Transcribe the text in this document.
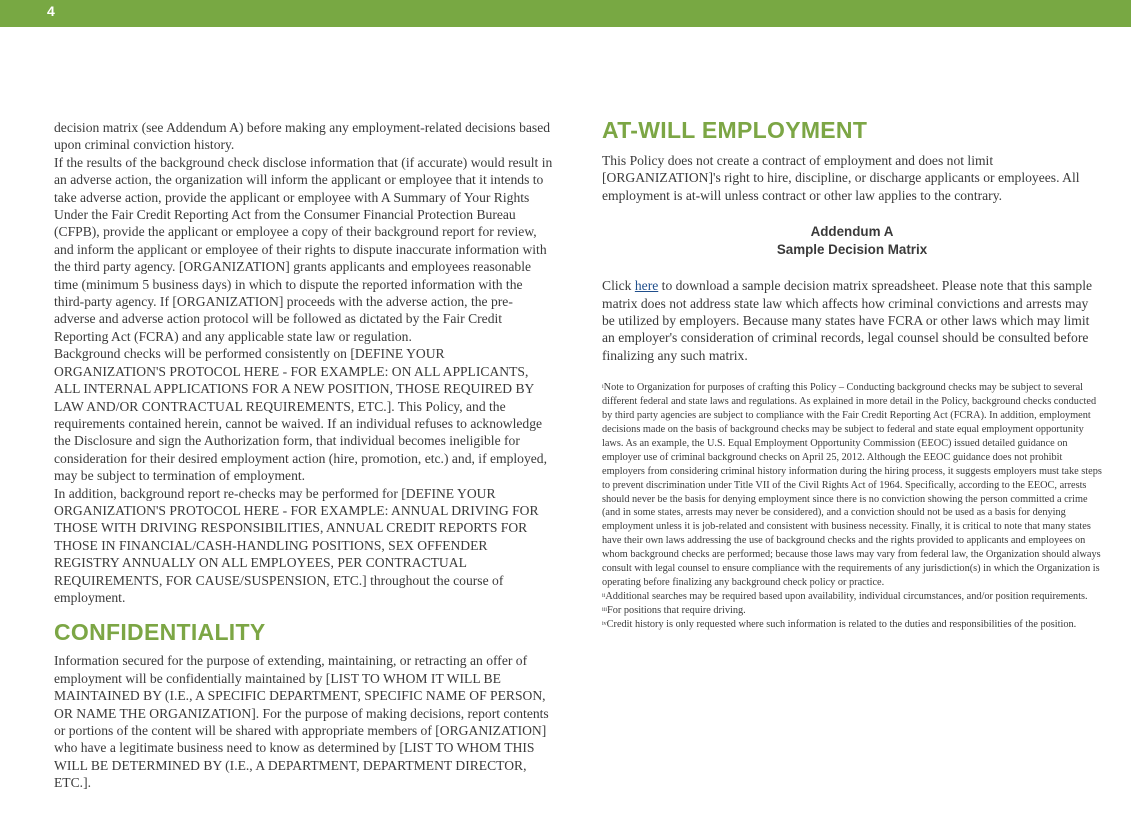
4

decision matrix (see Addendum A) before making any employment-related decisions based upon criminal conviction history.

If the results of the background check disclose information that (if accurate) would result in an adverse action, the organization will inform the applicant or employee that it intends to take adverse action, provide the applicant or employee with A Summary of Your Rights Under the Fair Credit Reporting Act from the Consumer Financial Protection Bureau (CFPB), provide the applicant or employee a copy of their background report for review, and inform the applicant or employee of their rights to dispute inaccurate information with the third party agency. [ORGANIZATION] grants applicants and employees reasonable time (minimum 5 business days) in which to dispute the reported information with the third-party agency. If [ORGANIZATION] proceeds with the adverse action, the pre-adverse and adverse action protocol will be followed as dictated by the Fair Credit Reporting Act (FCRA) and any applicable state law or regulation.

Background checks will be performed consistently on [DEFINE YOUR ORGANIZATION'S PROTOCOL HERE - FOR EXAMPLE: ON ALL APPLICANTS, ALL INTERNAL APPLICATIONS FOR A NEW POSITION, THOSE REQUIRED BY LAW AND/OR CONTRACTUAL REQUIREMENTS, ETC.]. This Policy, and the requirements contained herein, cannot be waived. If an individual refuses to acknowledge the Disclosure and sign the Authorization form, that individual becomes ineligible for consideration for their desired employment action (hire, promotion, etc.) and, if employed, may be subject to termination of employment.

In addition, background report re-checks may be performed for [DEFINE YOUR ORGANIZATION'S PROTOCOL HERE - FOR EXAMPLE: ANNUAL DRIVING FOR THOSE WITH DRIVING RESPONSIBILITIES, ANNUAL CREDIT REPORTS FOR THOSE IN FINANCIAL/CASH-HANDLING POSITIONS, SEX OFFENDER REGISTRY ANNUALLY ON ALL EMPLOYEES, PER CONTRACTUAL REQUIREMENTS, FOR CAUSE/SUSPENSION, ETC.] throughout the course of employment.

CONFIDENTIALITY

Information secured for the purpose of extending, maintaining, or retracting an offer of employment will be confidentially maintained by [LIST TO WHOM IT WILL BE MAINTAINED BY (I.E., A SPECIFIC DEPARTMENT, SPECIFIC NAME OF PERSON, OR NAME THE ORGANIZATION]. For the purpose of making decisions, report contents or portions of the content will be shared with appropriate members of [ORGANIZATION] who have a legitimate business need to know as determined by [LIST TO WHOM THIS WILL BE DETERMINED BY (I.E., A DEPARTMENT, DEPARTMENT DIRECTOR, ETC.].

AT-WILL EMPLOYMENT

This Policy does not create a contract of employment and does not limit [ORGANIZATION]'s right to hire, discipline, or discharge applicants or employees. All employment is at-will unless contract or other law applies to the contrary.

Addendum A
Sample Decision Matrix

Click here to download a sample decision matrix spreadsheet. Please note that this sample matrix does not address state law which affects how criminal convictions and arrests may be utilized by employers. Because many states have FCRA or other laws which may limit an employer's consideration of criminal records, legal counsel should be consulted before finalizing any such matrix.

$^i$Note to Organization for purposes of crafting this Policy – Conducting background checks may be subject to several different federal and state laws and regulations. As explained in more detail in the Policy, background checks conducted by third party agencies are subject to compliance with the Fair Credit Reporting Act (FCRA). In addition, employment decisions made on the basis of background checks may be subject to federal and state equal employment opportunity laws. As an example, the U.S. Equal Employment Opportunity Commission (EEOC) issued detailed guidance on employer use of criminal background checks on April 25, 2012. Although the EEOC guidance does not prohibit employers from considering criminal history information during the hiring process, it suggests employers must take steps to prevent discrimination under Title VII of the Civil Rights Act of 1964. Specifically, according to the EEOC, arrests should never be the basis for denying employment since there is no conviction showing the person committed a crime (and in some states, arrests may never be considered), and a conviction should not be used as a basis for denying employment unless it is job-related and consistent with business necessity. Finally, it is critical to note that many states have their own laws addressing the use of background checks and the rights provided to applicants and employees on whom background checks are performed; because those laws may vary from federal law, the Organization should always consult with legal counsel to ensure compliance with the requirements of any jurisdiction(s) in which the Organization is operating before finalizing any background check policy or practice.

$^{ii}$Additional searches may be required based upon availability, individual circumstances, and/or position requirements.

$^{iii}$For positions that require driving.

$^{iv}$Credit history is only requested where such information is related to the duties and responsibilities of the position.
